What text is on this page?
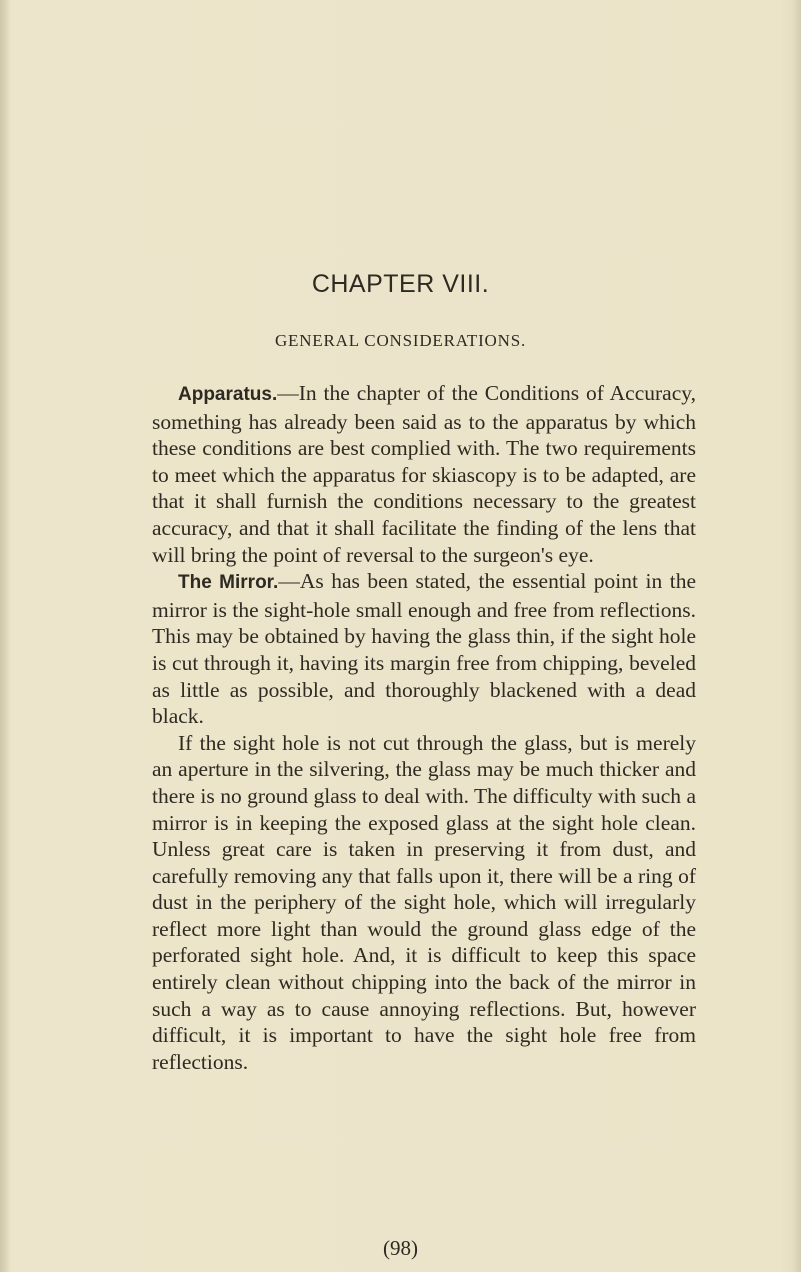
CHAPTER VIII.
GENERAL CONSIDERATIONS.

Apparatus.—In the chapter of the Conditions of Accuracy, something has already been said as to the apparatus by which these conditions are best complied with. The two requirements to meet which the apparatus for skiascopy is to be adapted, are that it shall furnish the conditions necessary to the greatest accuracy, and that it shall facilitate the finding of the lens that will bring the point of reversal to the surgeon's eye.

The Mirror.—As has been stated, the essential point in the mirror is the sight-hole small enough and free from reflections. This may be obtained by having the glass thin, if the sight hole is cut through it, having its margin free from chipping, beveled as little as possible, and thoroughly blackened with a dead black.

If the sight hole is not cut through the glass, but is merely an aperture in the silvering, the glass may be much thicker and there is no ground glass to deal with. The difficulty with such a mirror is in keeping the exposed glass at the sight hole clean. Unless great care is taken in preserving it from dust, and carefully removing any that falls upon it, there will be a ring of dust in the periphery of the sight hole, which will irregularly reflect more light than would the ground glass edge of the perforated sight hole. And, it is difficult to keep this space entirely clean without chipping into the back of the mirror in such a way as to cause annoying reflections. But, however difficult, it is important to have the sight hole free from reflections.

(98)
